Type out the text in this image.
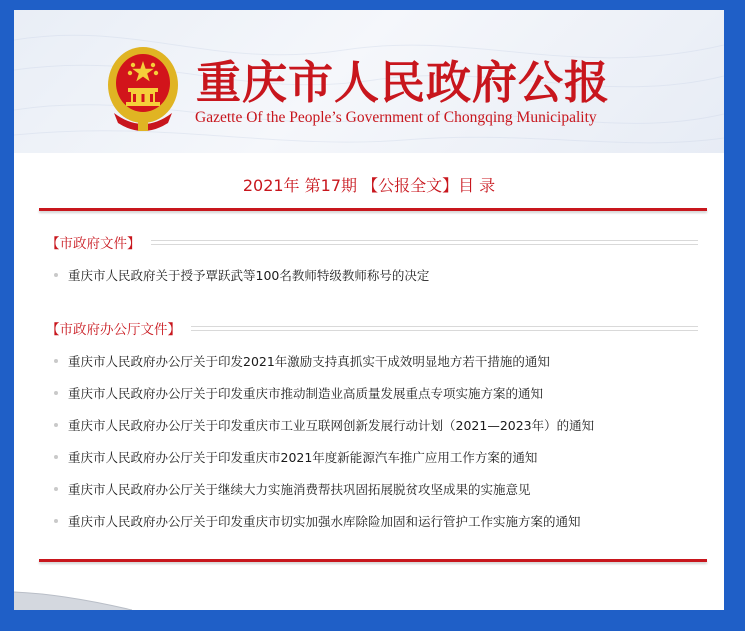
重庆市人民政府公报
Gazette Of the People’s Government of Chongqing Municipality
2021年 第17期 【公报全文】目 录
【市政府文件】
重庆市人民政府关于授予覃跃武等100名教师特级教师称号的决定
【市政府办公厅文件】
重庆市人民政府办公厅关于印发2021年激励支持真抓实干成效明显地方若干措施的通知
重庆市人民政府办公厅关于印发重庆市推动制造业高质量发展重点专项实施方案的通知
重庆市人民政府办公厅关于印发重庆市工业互联网创新发展行动计划（2021—2023年）的通知
重庆市人民政府办公厅关于印发重庆市2021年度新能源汽车推广应用工作方案的通知
重庆市人民政府办公厅关于继续大力实施消费帮扶巩固拓展脱贫攻坚成果的实施意见
重庆市人民政府办公厅关于印发重庆市切实加强水库除险加固和运行管护工作实施方案的通知
